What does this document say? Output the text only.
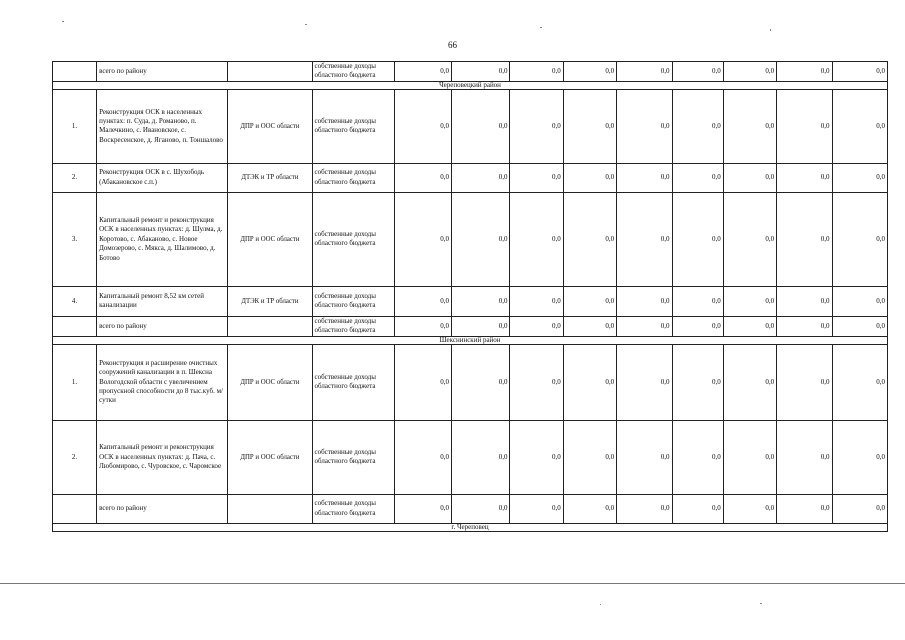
66
	всего по району		собственные доходы областного бюджета	0,0	0,0	0,0	0,0	0,0	0,0	0,0	0,0	0,0
Череповецкий район												
1.	Реконструкция ОСК в населенных пунктах: п. Суда, д. Романово, п. Малечкино, с. Ивановское, с. Воскресенское, д. Яганово, п. Тоншалово	ДПР и ООС области	собственные доходы областного бюджета	0,0	0,0	0,0	0,0	0,0	0,0	0,0	0,0	0,0
2.	Реконструкция ОСК в с. Шухободь (Абакановское с.п.)	ДТЭК и ТР области	собственные доходы областного бюджета	0,0	0,0	0,0	0,0	0,0	0,0	0,0	0,0	0,0
3.	Капитальный ремонт и реконструкция ОСК в населенных пунктах: д. Шулма, д. Коротово, с. Абаканово, с. Новое Домозерово, с. Мякса, д. Шалимово, д. Ботово	ДПР и ООС области	собственные доходы областного бюджета	0,0	0,0	0,0	0,0	0,0	0,0	0,0	0,0	0,0
4.	Капитальный ремонт 8,52 км сетей канализации	ДТЭК и ТР области	собственные доходы областного бюджета	0,0	0,0	0,0	0,0	0,0	0,0	0,0	0,0	0,0
	всего по району		собственные доходы областного бюджета	0,0	0,0	0,0	0,0	0,0	0,0	0,0	0,0	0,0
Шекснинский район												
1.	Реконструкция и расширение очистных сооружений канализации в п. Шексна Вологодской области с увеличением пропускной способности до 8 тыс.куб. м/сутки	ДПР и ООС области	собственные доходы областного бюджета	0,0	0,0	0,0	0,0	0,0	0,0	0,0	0,0	0,0
2.	Капитальный ремонт и реконструкция ОСК в населенных пунктах: д. Пача, с. Любомирово, с. Чуровское, с. Чаромское	ДПР и ООС области	собственные доходы областного бюджета	0,0	0,0	0,0	0,0	0,0	0,0	0,0	0,0	0,0
	всего по району		собственные доходы областного бюджета	0,0	0,0	0,0	0,0	0,0	0,0	0,0	0,0	0,0
г. Череповец												
